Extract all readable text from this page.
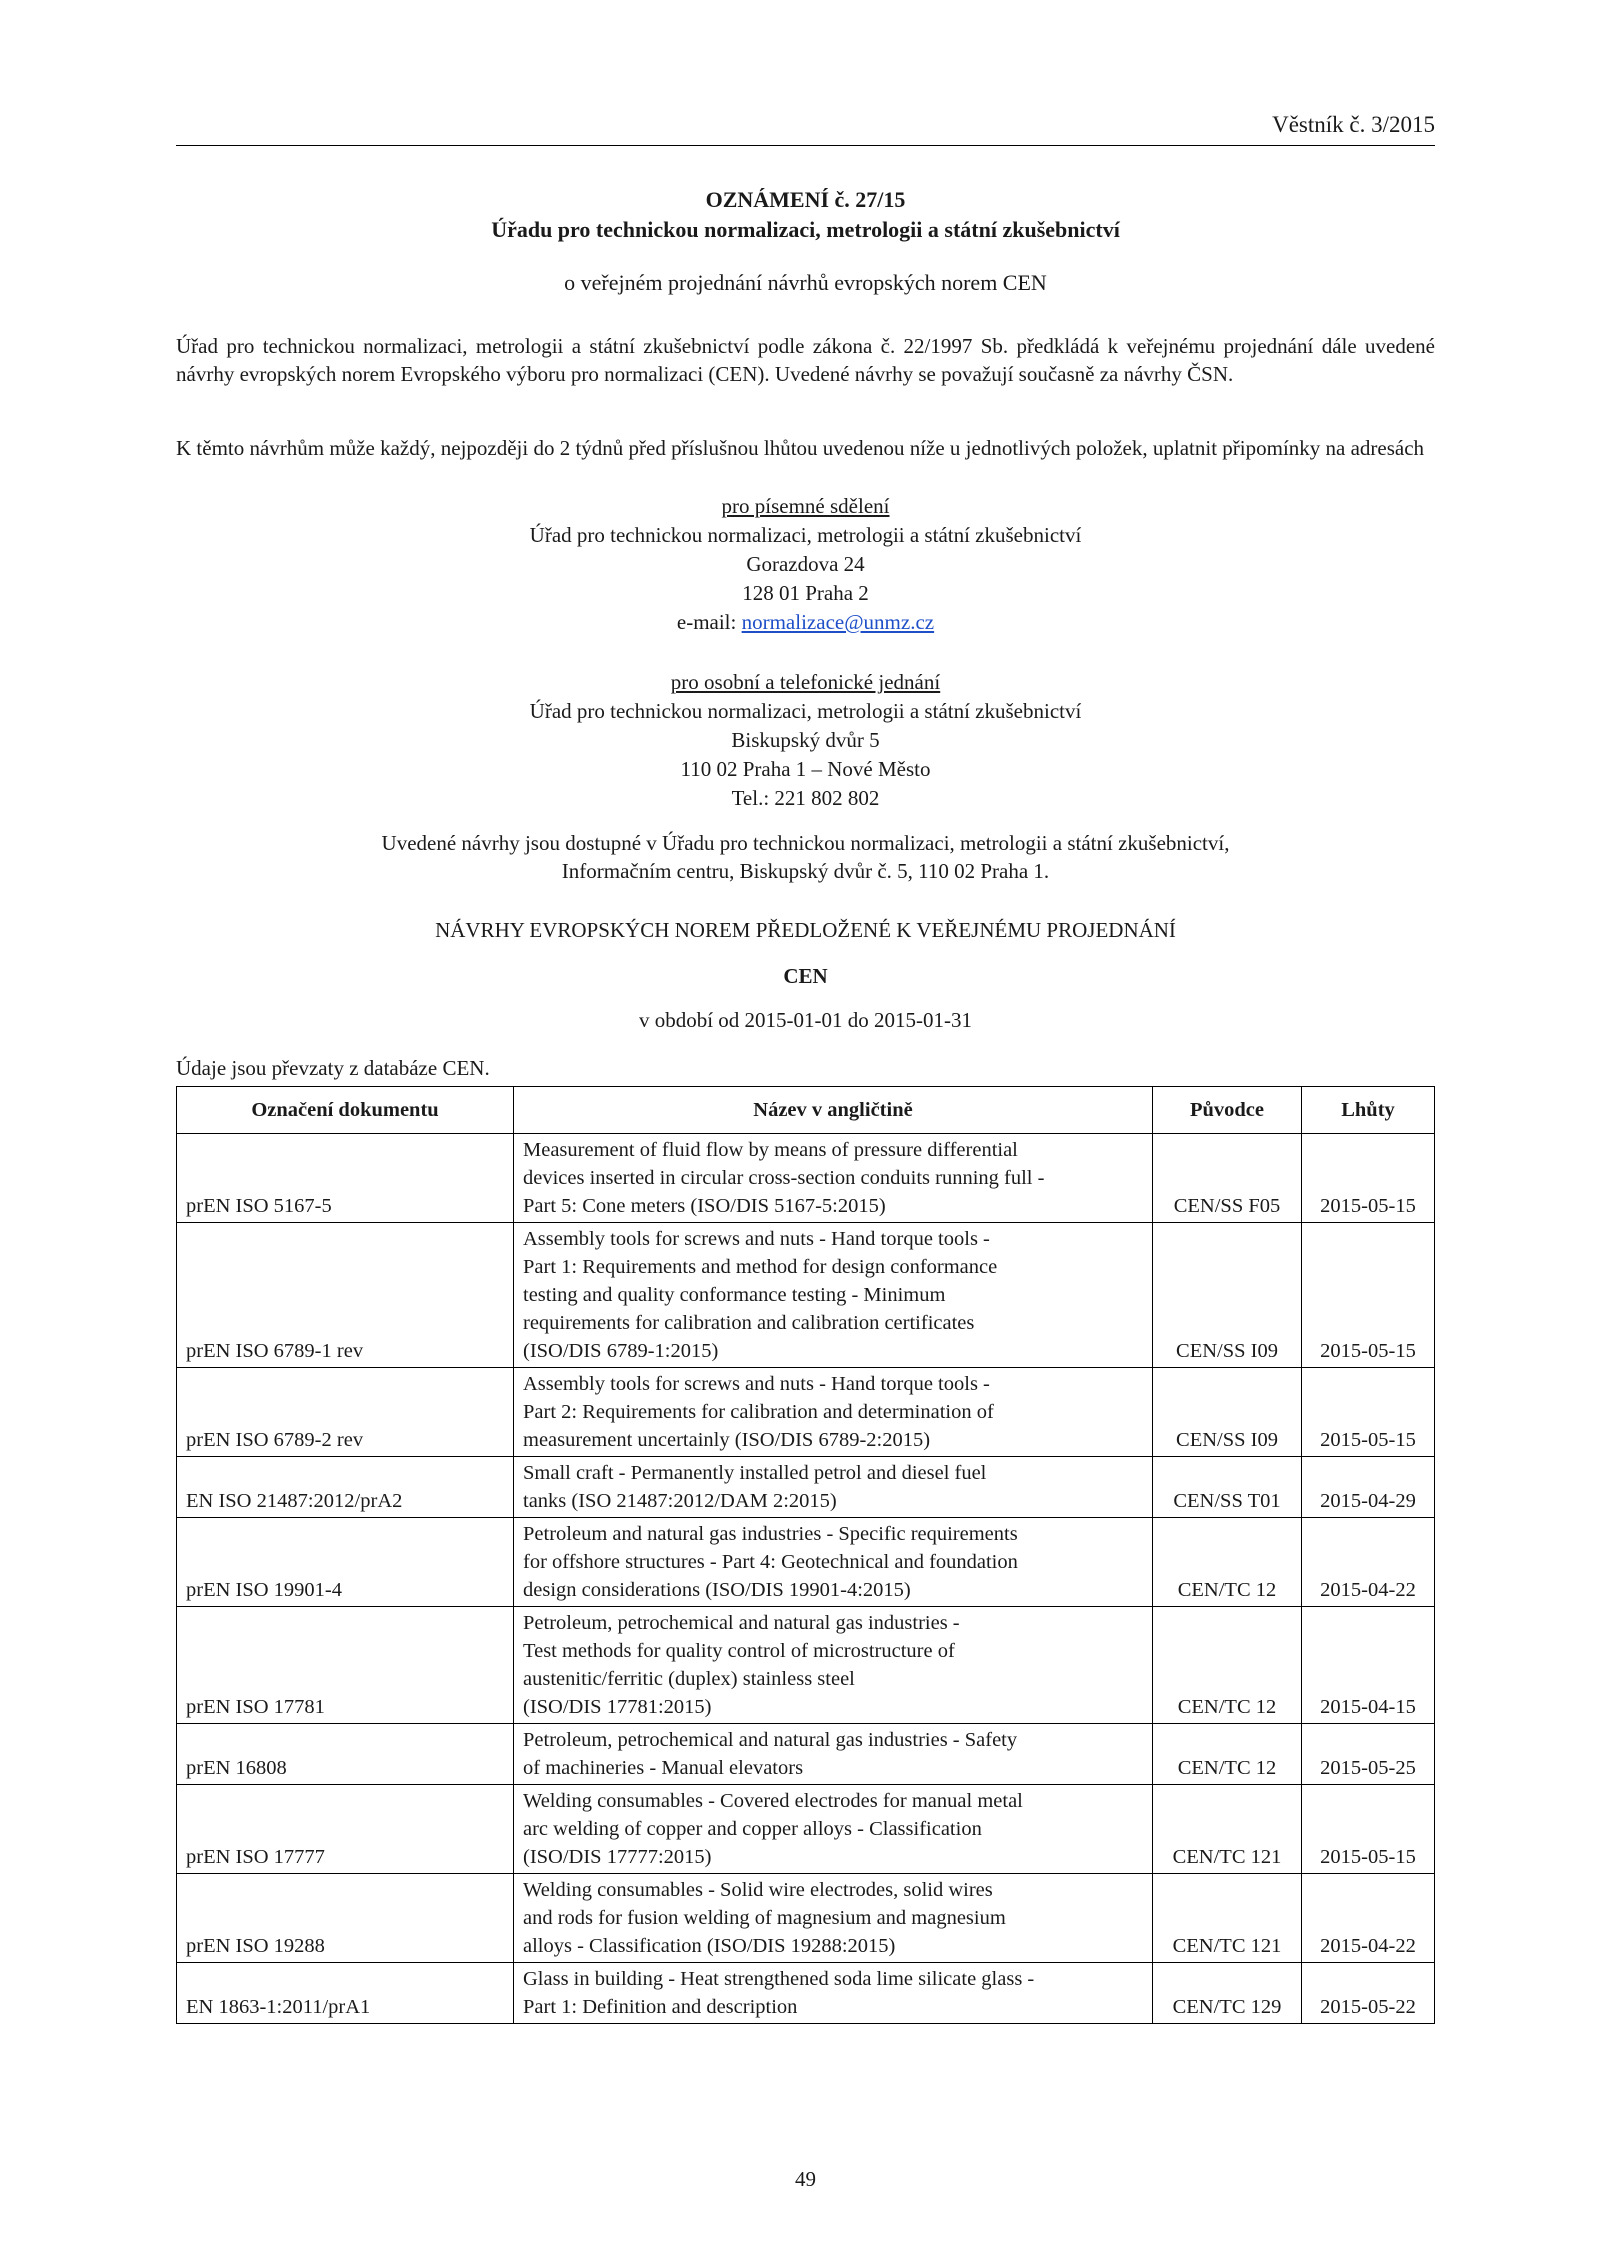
Věstník č. 3/2015
OZNÁMENÍ č. 27/15
Úřadu pro technickou normalizaci, metrologii a státní zkušebnictví
o veřejném projednání návrhů evropských norem CEN
Úřad pro technickou normalizaci, metrologii a státní zkušebnictví podle zákona č. 22/1997 Sb. předkládá k veřejnému projednání dále uvedené návrhy evropských norem Evropského výboru pro normalizaci (CEN). Uvedené návrhy se považují současně za návrhy ČSN.
K těmto návrhům může každý, nejpozději do 2 týdnů před příslušnou lhůtou uvedenou níže u jednotlivých položek, uplatnit připomínky na adresách
pro písemné sdělení
Úřad pro technickou normalizaci, metrologii a státní zkušebnictví
Gorazdova 24
128 01 Praha 2
e-mail: normalizace@unmz.cz
pro osobní a telefonické jednání
Úřad pro technickou normalizaci, metrologii a státní zkušebnictví
Biskupský dvůr 5
110 02 Praha 1 – Nové Město
Tel.: 221 802 802
Uvedené návrhy jsou dostupné v Úřadu pro technickou normalizaci, metrologii a státní zkušebnictví,
Informačním centru, Biskupský dvůr č. 5, 110 02 Praha 1.
NÁVRHY EVROPSKÝCH NOREM PŘEDLOŽENÉ K VEŘEJNÉMU PROJEDNÁNÍ
CEN
v období od 2015-01-01 do 2015-01-31
Údaje jsou převzaty z databáze CEN.
Označení dokumentu	Název v angličtině	Původce	Lhůty
prEN ISO 5167-5	Measurement of fluid flow by means of pressure differential
devices inserted in circular cross-section conduits running full -
Part 5: Cone meters (ISO/DIS 5167-5:2015)	CEN/SS F05	2015-05-15
prEN ISO 6789-1 rev	Assembly tools for screws and nuts - Hand torque tools -
Part 1: Requirements and method for design conformance
testing and quality conformance testing - Minimum
requirements for calibration and calibration certificates
(ISO/DIS 6789-1:2015)	CEN/SS I09	2015-05-15
prEN ISO 6789-2 rev	Assembly tools for screws and nuts - Hand torque tools -
Part 2: Requirements for calibration and determination of
measurement uncertainly (ISO/DIS 6789-2:2015)	CEN/SS I09	2015-05-15
EN ISO 21487:2012/prA2	Small craft - Permanently installed petrol and diesel fuel
tanks (ISO 21487:2012/DAM 2:2015)	CEN/SS T01	2015-04-29
prEN ISO 19901-4	Petroleum and natural gas industries - Specific requirements
for offshore structures - Part 4: Geotechnical and foundation
design considerations (ISO/DIS 19901-4:2015)	CEN/TC 12	2015-04-22
prEN ISO 17781	Petroleum, petrochemical and natural gas industries -
Test methods for quality control of microstructure of
austenitic/ferritic (duplex) stainless steel
(ISO/DIS 17781:2015)	CEN/TC 12	2015-04-15
prEN 16808	Petroleum, petrochemical and natural gas industries - Safety
of machineries - Manual elevators	CEN/TC 12	2015-05-25
prEN ISO 17777	Welding consumables - Covered electrodes for manual metal
arc welding of copper and copper alloys - Classification
(ISO/DIS 17777:2015)	CEN/TC 121	2015-05-15
prEN ISO 19288	Welding consumables - Solid wire electrodes, solid wires
and rods for fusion welding of magnesium and magnesium
alloys - Classification (ISO/DIS 19288:2015)	CEN/TC 121	2015-04-22
EN 1863-1:2011/prA1	Glass in building - Heat strengthened soda lime silicate glass -
Part 1: Definition and description	CEN/TC 129	2015-05-22
49
